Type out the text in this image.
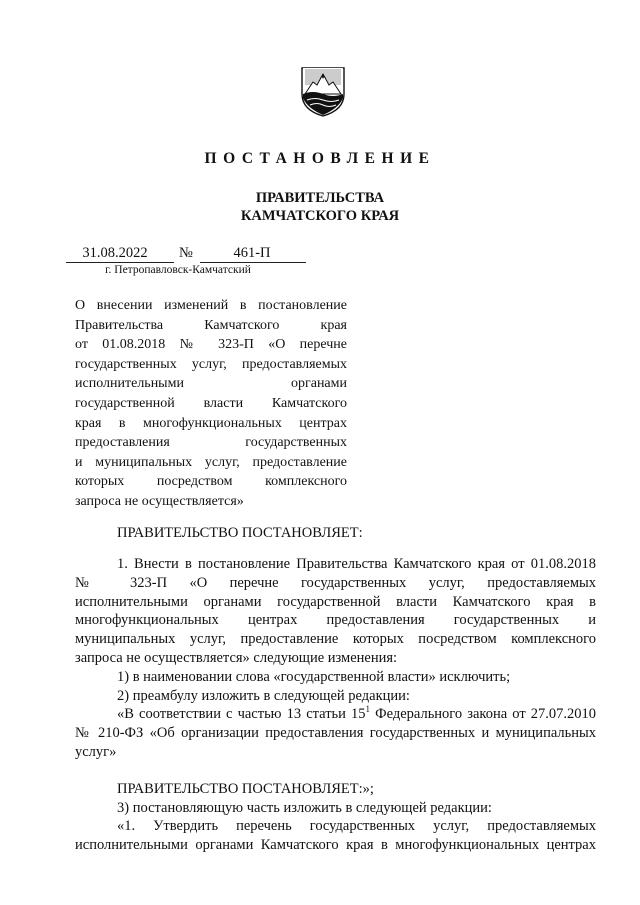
ПОСТАНОВЛЕНИЕ
ПРАВИТЕЛЬСТВА
КАМЧАТСКОГО КРАЯ
31.08.2022	№	461-П
г. Петропавловск-Камчатский
О внесении изменений в постановление
Правительства Камчатского края
от 01.08.2018 № 323-П «О перечне
государственных услуг, предоставляемых
исполнительными органами
государственной власти Камчатского
края в многофункциональных центрах
предоставления государственных
и муниципальных услуг, предоставление
которых посредством комплексного
запроса не осуществляется»
ПРАВИТЕЛЬСТВО ПОСТАНОВЛЯЕТ:
1. Внести в постановление Правительства Камчатского края от 01.08.2018
№ 323-П «О перечне государственных услуг, предоставляемых
исполнительными органами государственной власти Камчатского края в
многофункциональных центрах предоставления государственных и
муниципальных услуг, предоставление которых посредством комплексного
запроса не осуществляется» следующие изменения:
1) в наименовании слова «государственной власти» исключить;
2) преамбулу изложить в следующей редакции:
«В соответствии с частью 13 статьи $15^1$ Федерального закона от 27.07.2010
№ 210-ФЗ «Об организации предоставления государственных и муниципальных
услуг»
ПРАВИТЕЛЬСТВО ПОСТАНОВЛЯЕТ:»;
3) постановляющую часть изложить в следующей редакции:
«1. Утвердить перечень государственных услуг, предоставляемых
исполнительными органами Камчатского края в многофункциональных центрах
